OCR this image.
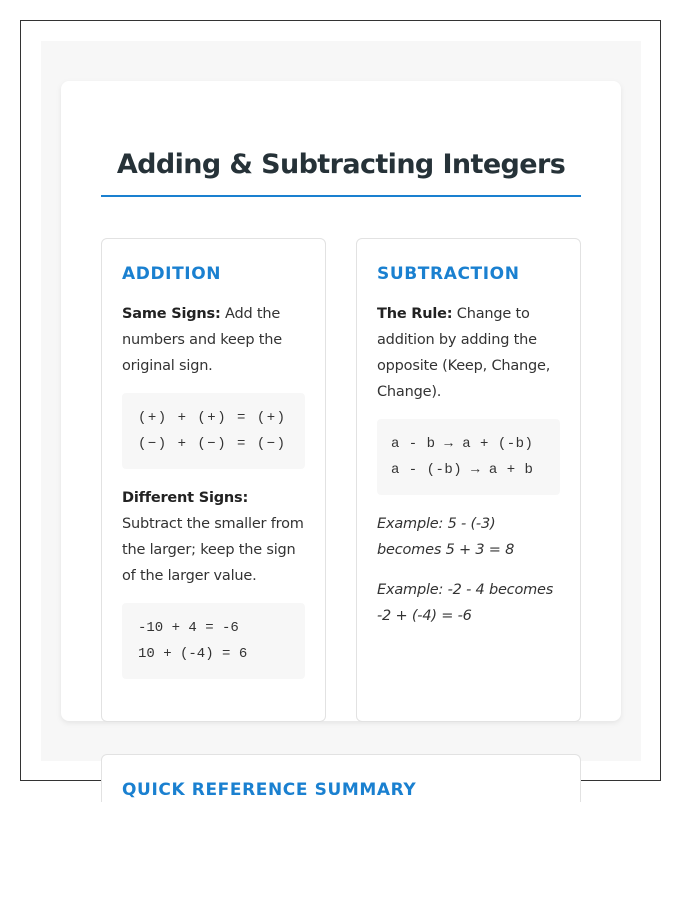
Adding & Subtracting Integers
ADDITION

Same Signs: Add the numbers and keep the original sign.

(+) + (+) = (+)
(−) + (−) = (−)

Different Signs: Subtract the smaller from the larger; keep the sign of the larger value.

-10 + 4 = -6
10 + (-4) = 6
SUBTRACTION

The Rule: Change to addition by adding the opposite (Keep, Change, Change).

a - b → a + (-b)
a - (-b) → a + b

Example: 5 - (-3) becomes 5 + 3 = 8

Example: -2 - 4 becomes -2 + (-4) = -6

QUICK REFERENCE SUMMARY
